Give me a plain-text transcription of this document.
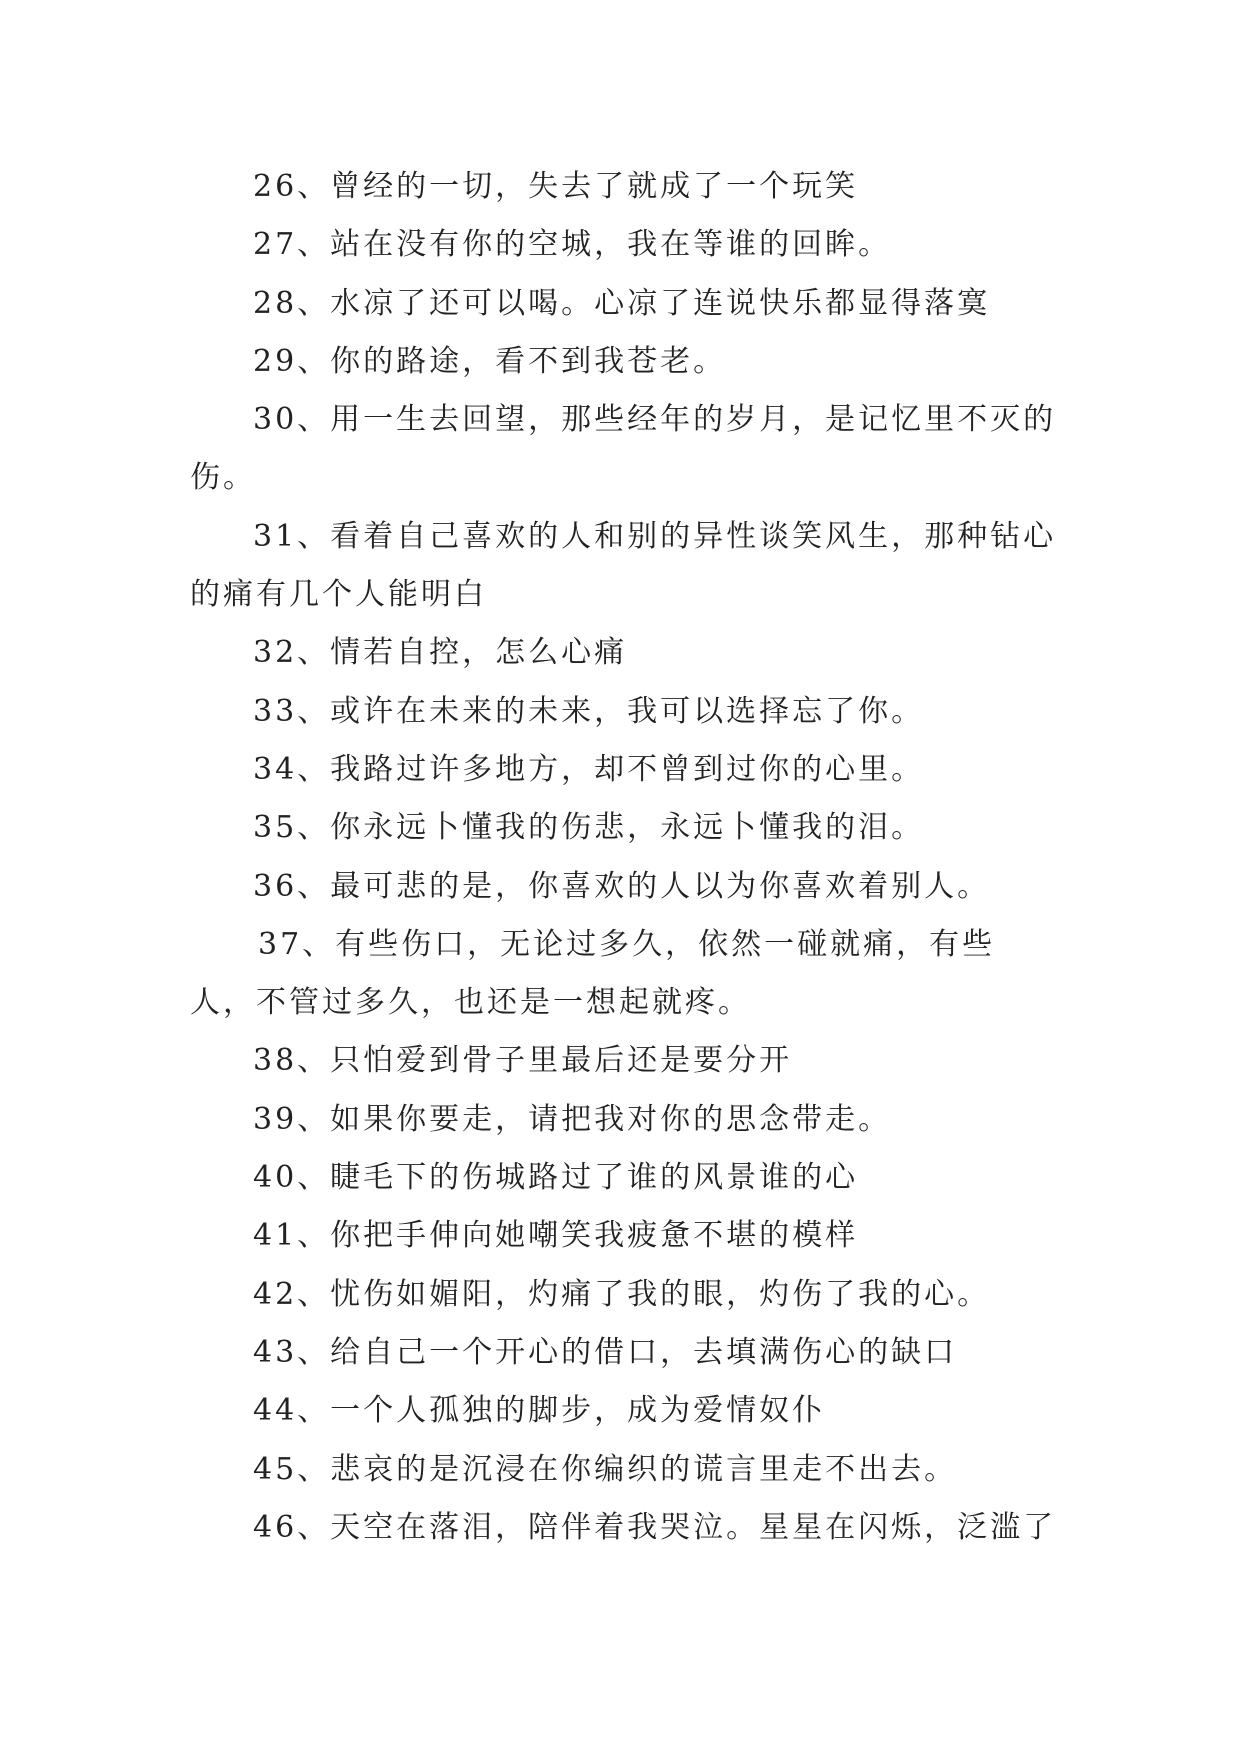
26、曾经的一切，失去了就成了一个玩笑

27、站在没有你的空城，我在等谁的回眸。

28、水凉了还可以喝。心凉了连说快乐都显得落寞

29、你的路途，看不到我苍老。

30、用一生去回望，那些经年的岁月，是记忆里不灭的伤。

31、看着自己喜欢的人和别的异性谈笑风生，那种钻心的痛有几个人能明白

32、情若自控，怎么心痛

33、或许在未来的未来，我可以选择忘了你。

34、我路过许多地方，却不曾到过你的心里。

35、你永远卜懂我的伤悲，永远卜懂我的泪。

36、最可悲的是，你喜欢的人以为你喜欢着别人。

37、有些伤口，无论过多久，依然一碰就痛，有些人，不管过多久，也还是一想起就疼。

38、只怕爱到骨子里最后还是要分开

39、如果你要走，请把我对你的思念带走。

40、睫毛下的伤城路过了谁的风景谁的心

41、你把手伸向她嘲笑我疲惫不堪的模样

42、忧伤如媚阳，灼痛了我的眼，灼伤了我的心。

43、给自己一个开心的借口，去填满伤心的缺口

44、一个人孤独的脚步，成为爱情奴仆

45、悲哀的是沉浸在你编织的谎言里走不出去。

46、天空在落泪，陪伴着我哭泣。星星在闪烁，泛滥了
